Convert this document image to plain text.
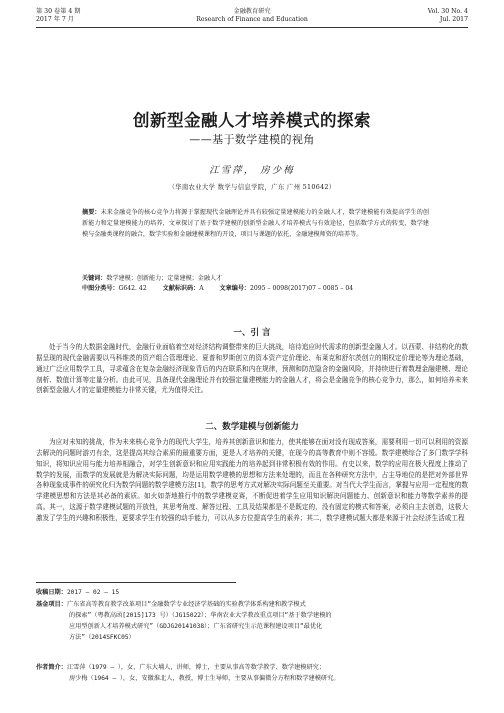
第 30 卷第 4 期
2017 年 7 月
金融教育研究
Research of Finance and Education
Vol. 30 No. 4
Jul. 2017
创新型金融人才培养模式的探索
——基于数学建模的视角
江雪萍， 房少梅
（华南农业大学 数学与信息学院，广东 广州 510642）
摘要：未来金融竞争的核心竞争力将源于掌握现代金融理论并具有较强定量建模能力的金融人才，数学建模能有效提高学生的创新能力和定量建模能力的培养，文章探讨了基于数学建模的创新型金融人才培养模式与有效途径，包括数学方式的转变，数学建模与金融类课程的融合，数学实验和金融建模课程的开设，项目与课题的依托，金融建模师资的培养等。
关键词：数学建模；创新能力；定量建模；金融人才
中图分类号：G642. 42	文献标识码：A	文章编号：2095 – 0098(2017)07 – 0085 – 04
一、引 言
处于当今的大数据金融时代，金融行业面临着空对经济结构调整带来的巨大挑战，培待追应时代需求的创新型金融人才。以西蒙、非结构化的数据呈现的现代金融需要以马科维茨的资产组合管理理论、夏普和罗斯创立的资本资产定价理论、布莱克和舒尔茨创立的期权定价理论等为理论基础，通过广泛应用数学工具，寻求蕴含在复杂金融经济现象背后的内在联系和内在规律，预测和防范隐含的金融风险，并持续进行着数理金融建模、理论剖析、数值计算等定量分析。由此可见，具备现代金融理论并有较强定量建模能力的金融人才，将会是金融竞争的核心竞争力，那么，如何培养未来创新型金融人才的定量建模能力非常关键，尤为值得关注。
二、数学建模与创新能力
为应对未知的挑战，作为未来核心竞争力的现代大学生，培养其创新意识和能力，使其能够在面对没有现成答案，需要利用一切可以利用的资源去解决的问题时游刃有余，这是提高其综合素质的最重要方面，更是人才培养的关键，在现今的高等教育中则不容缓。数学建模综合了多门数学学科知识，将知识应用与能力培养相融合，对学生创新意识和应用实践能力的培养起到非常积极有效的作用。有史以来，数学的应用在极大程度上推动了数学的发展，而数学的发展就是为解决实际问题，均是运用数学建模的思想和方法来处理的，而且在各种研究方法中，占主导地位的是把对外部世界各种现象成事件的研究化归为数学问题的数学建模方法[1]，数学的思考方式对解决实际问题至关重要。对当代大学生而言，掌握与应用一定程度的数学建模思想和方法是其必备的素质。如火如荼地推行中的数学建模竞赛，不断促进着学生应用知识解决问题能力、创新意识和能力等数学素养的提高。其一，这源于数学建模试题的开放性，其思考角度、解答过程、工具及结果都是不是既定的，没有固定的模式和答案，必须自主去创造，这极大激发了学生的兴趣和积极性，更要求学生有较强的动手能力，可以从多方位提高学生的素养；其二，数学建模试题大都是来源于社会经济生活或工程
收稿日期：2017 – 02 – 15
基金项目：广东省高等教育教学改革项目“金融数学专业经济学基础的实验教学体系构建和教学模式
的探索”（粤教高函[2015]173 号）（JG15022）；华南农业大学教改重点项目“基于数学建模的
应用型创新人才培养模式研究”（GDJG20141038）；广东省研究生示范课程建设项目“最优化
方法”（2014SFKC05）
作者简介：江雪萍（1979 – ），女，广东大埔人，讲师，博士，主要从事高等数学教学、数学建模研究；
房少梅（1964 – ），女，安徽淮北人，教授，博士生导师，主要从事偏微分方程和数学建模研究。
